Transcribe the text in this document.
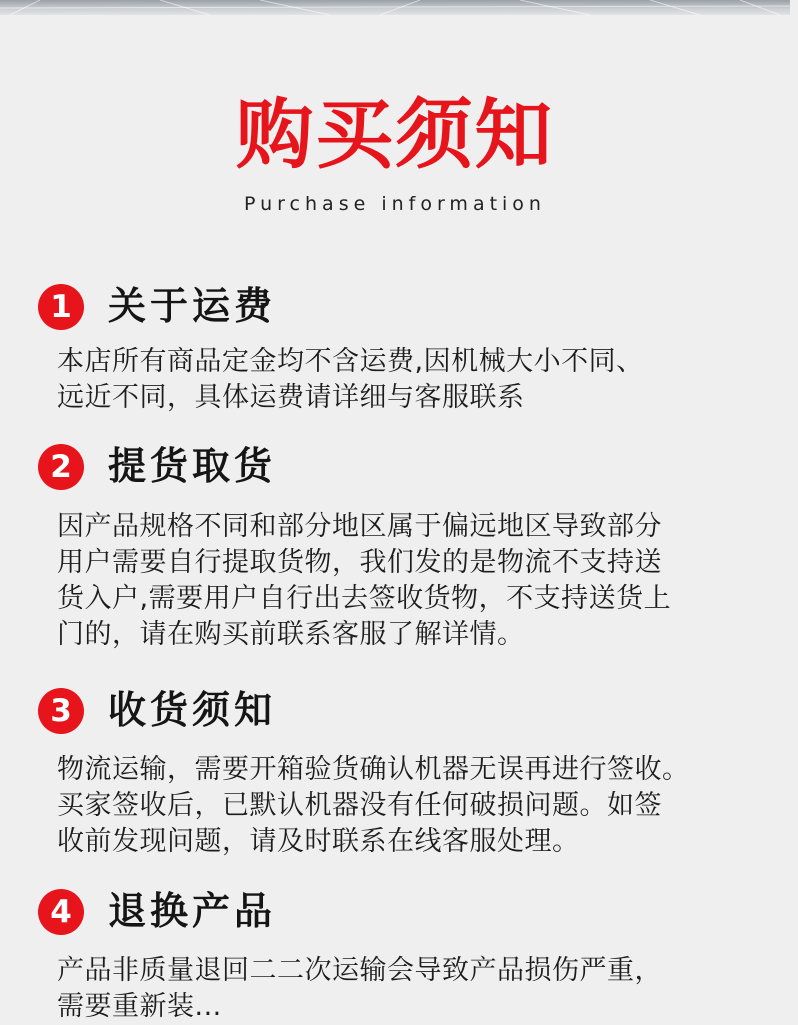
购买须知
Purchase information
1 关于运费
本店所有商品定金均不含运费,因机械大小不同、
远近不同，具体运费请详细与客服联系
2 提货取货
因产品规格不同和部分地区属于偏远地区导致部分
用户需要自行提取货物，我们发的是物流不支持送
货入户,需要用户自行出去签收货物，不支持送货上
门的，请在购买前联系客服了解详情。
3 收货须知
物流运输，需要开箱验货确认机器无误再进行签收。
买家签收后，已默认机器没有任何破损问题。如签
收前发现问题，请及时联系在线客服处理。
4 退换产品
产品非质量退回二二次运输会导致产品损伤严重，
需要重新装...
